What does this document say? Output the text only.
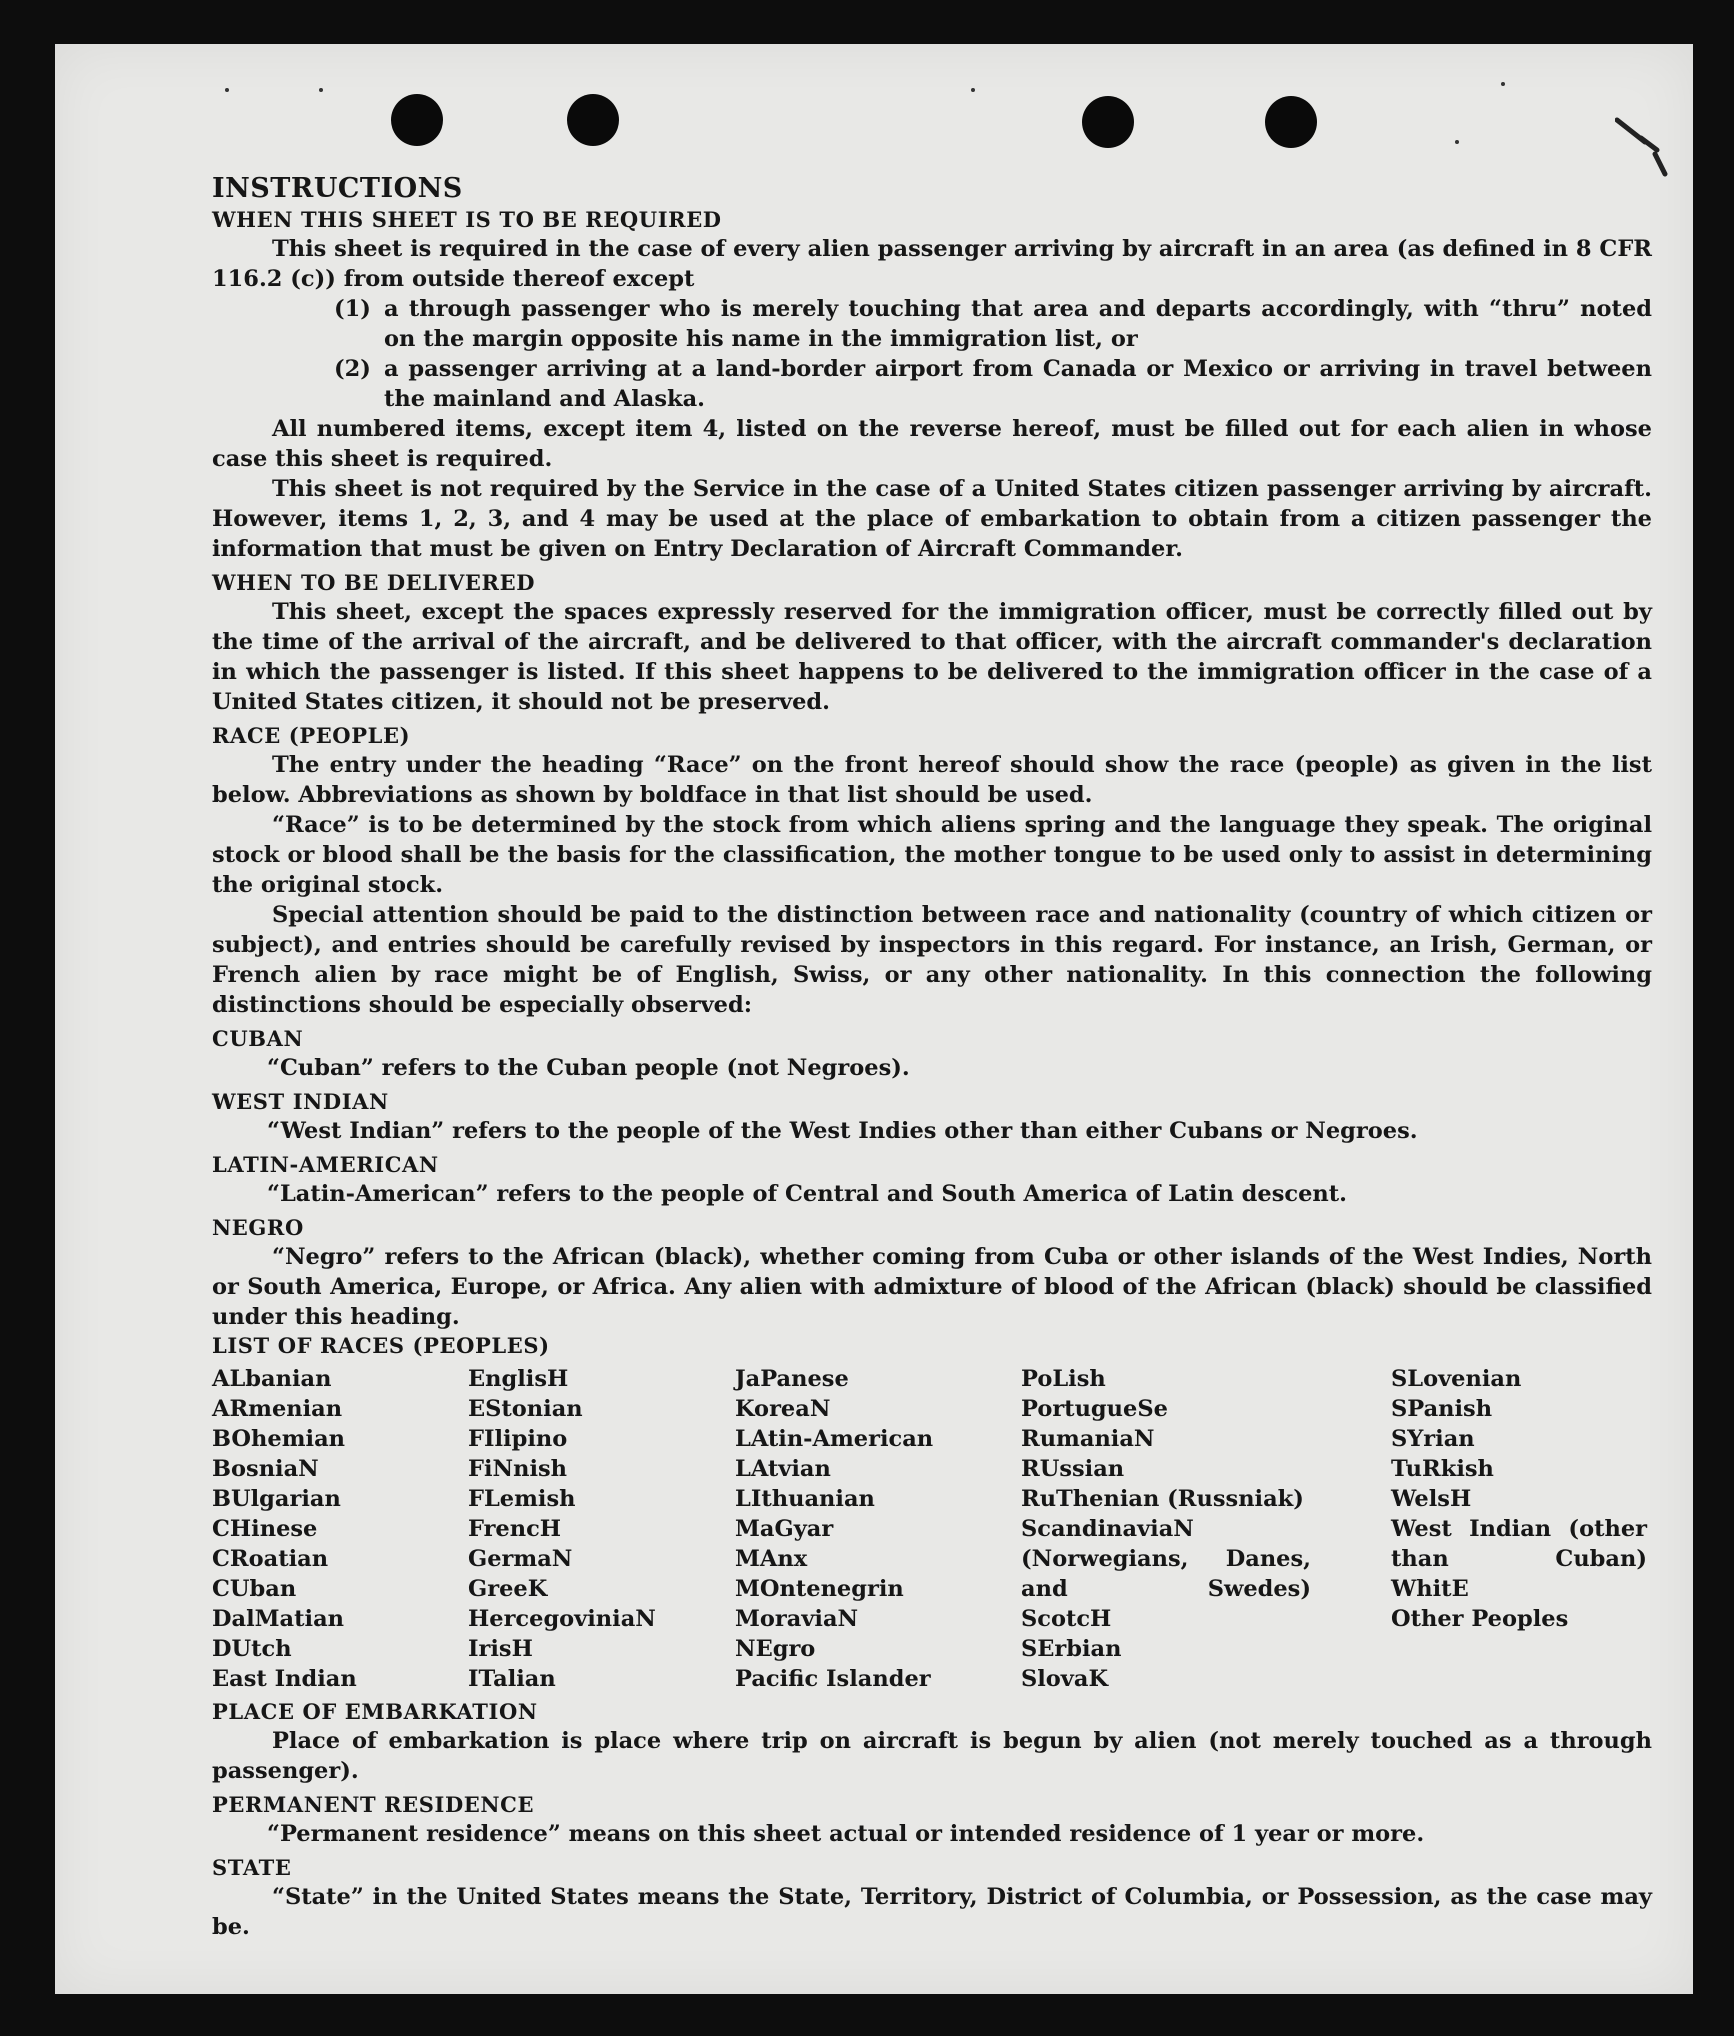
INSTRUCTIONS

WHEN THIS SHEET IS TO BE REQUIRED

This sheet is required in the case of every alien passenger arriving by aircraft in an area (as defined in 8 CFR 116.2 (c)) from outside thereof except

(1) a through passenger who is merely touching that area and departs accordingly, with “thru” noted on the margin opposite his name in the immigration list, or
(2) a passenger arriving at a land-border airport from Canada or Mexico or arriving in travel between the mainland and Alaska.

All numbered items, except item 4, listed on the reverse hereof, must be filled out for each alien in whose case this sheet is required.

This sheet is not required by the Service in the case of a United States citizen passenger arriving by aircraft. However, items 1, 2, 3, and 4 may be used at the place of embarkation to obtain from a citizen passenger the information that must be given on Entry Declaration of Aircraft Commander.

WHEN TO BE DELIVERED

This sheet, except the spaces expressly reserved for the immigration officer, must be correctly filled out by the time of the arrival of the aircraft, and be delivered to that officer, with the aircraft commander's declaration in which the passenger is listed. If this sheet happens to be delivered to the immigration officer in the case of a United States citizen, it should not be preserved.

RACE (PEOPLE)

The entry under the heading “Race” on the front hereof should show the race (people) as given in the list below. Abbreviations as shown by boldface in that list should be used.

“Race” is to be determined by the stock from which aliens spring and the language they speak. The original stock or blood shall be the basis for the classification, the mother tongue to be used only to assist in determining the original stock.

Special attention should be paid to the distinction between race and nationality (country of which citizen or subject), and entries should be carefully revised by inspectors in this regard. For instance, an Irish, German, or French alien by race might be of English, Swiss, or any other nationality. In this connection the following distinctions should be especially observed:

CUBAN

“Cuban” refers to the Cuban people (not Negroes).

WEST INDIAN

“West Indian” refers to the people of the West Indies other than either Cubans or Negroes.

LATIN-AMERICAN

“Latin-American” refers to the people of Central and South America of Latin descent.

NEGRO

“Negro” refers to the African (black), whether coming from Cuba or other islands of the West Indies, North or South America, Europe, or Africa. Any alien with admixture of blood of the African (black) should be classified under this heading.

LIST OF RACES (PEOPLES)

ALbanian
ARmenian
BOhemian
BosniaN
BUlgarian
CHinese
CRoatian
CUban
DalMatian
DUtch
East Indian
EnglisH
EStonian
FIlipino
FiNnish
FLemish
FrencH
GermaN
GreeK
HercegoviniaN
IrisH
ITalian
JaPanese
KoreaN
LAtin-American
LAtvian
LIthuanian
MaGyar
MAnx
MOntenegrin
MoraviaN
NEgro
Pacific Islander
PoLish
PortugueSe
RumaniaN
RUssian
RuThenian (Russniak)
ScandinaviaN (Norwegians, Danes, and Swedes)
ScotcH
SErbian
SlovaK
SLovenian
SPanish
SYrian
TuRkish
WelsH
West Indian (other than Cuban)
WhitE
Other Peoples

PLACE OF EMBARKATION

Place of embarkation is place where trip on aircraft is begun by alien (not merely touched as a through passenger).

PERMANENT RESIDENCE

“Permanent residence” means on this sheet actual or intended residence of 1 year or more.

STATE

“State” in the United States means the State, Territory, District of Columbia, or Possession, as the case may be.
